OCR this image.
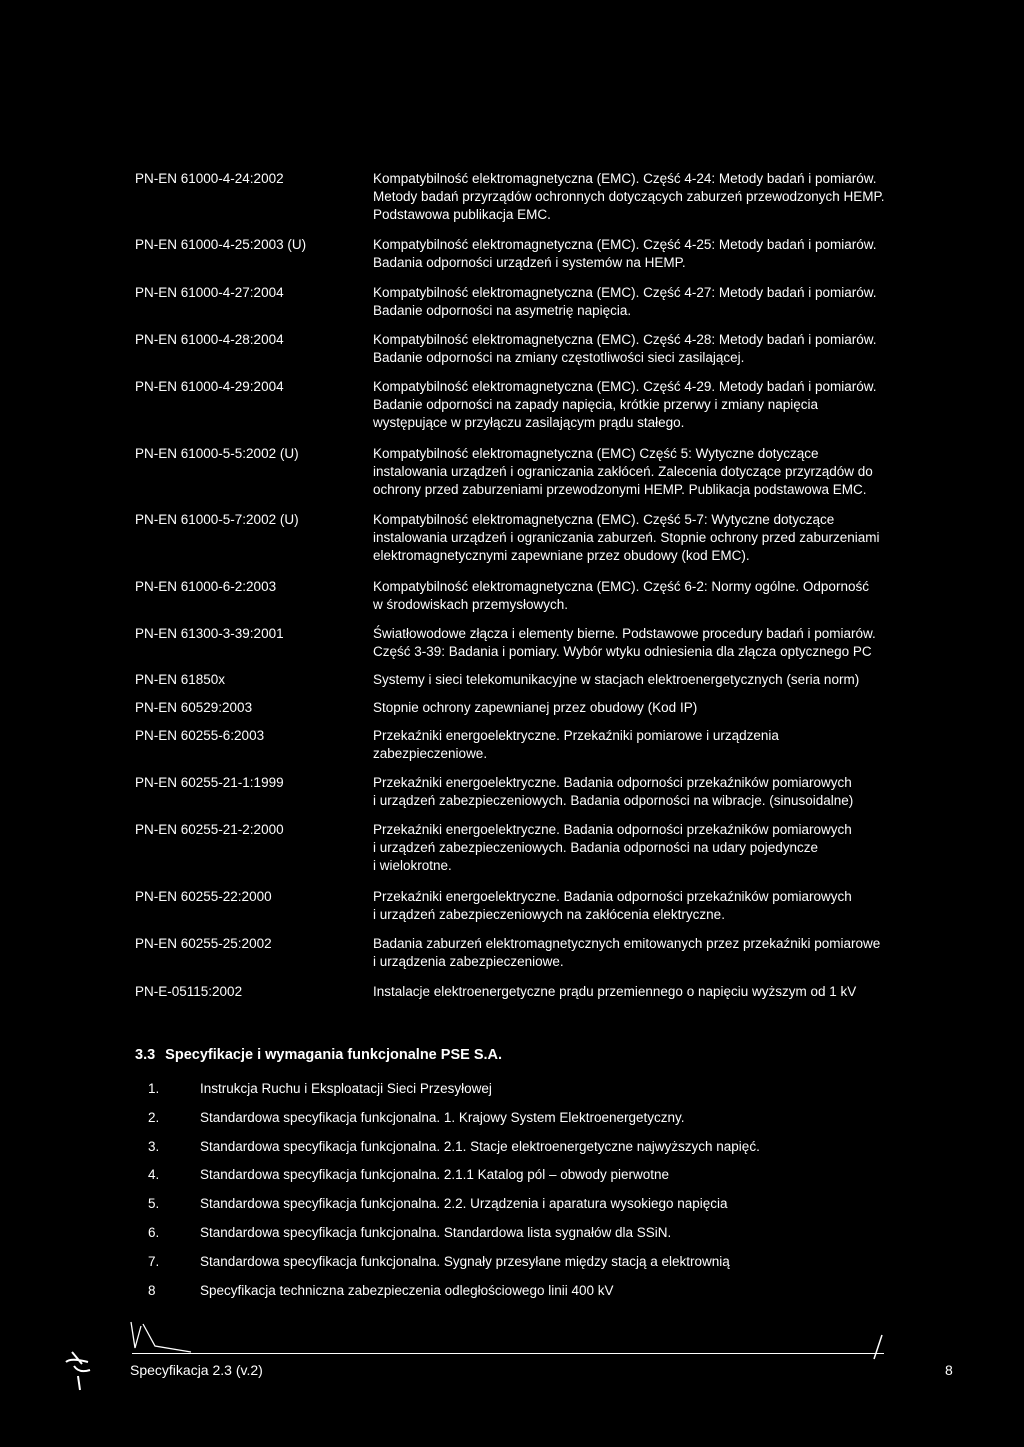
PN-EN 61000-4-24:2002	Kompatybilność elektromagnetyczna (EMC). Część 4-24: Metody badań i pomiarów.
Metody badań przyrządów ochronnych dotyczących zaburzeń przewodzonych HEMP.
Podstawowa publikacja EMC.
PN-EN 61000-4-25:2003 (U)	Kompatybilność elektromagnetyczna (EMC). Część 4-25: Metody badań i pomiarów.
Badania odporności urządzeń i systemów na HEMP.
PN-EN 61000-4-27:2004	Kompatybilność elektromagnetyczna (EMC). Część 4-27: Metody badań i pomiarów.
Badanie odporności na asymetrię napięcia.
PN-EN 61000-4-28:2004	Kompatybilność elektromagnetyczna (EMC). Część 4-28: Metody badań i pomiarów.
Badanie odporności na zmiany częstotliwości sieci zasilającej.
PN-EN 61000-4-29:2004	Kompatybilność elektromagnetyczna (EMC). Część 4-29. Metody badań i pomiarów.
Badanie odporności na zapady napięcia, krótkie przerwy i zmiany napięcia
występujące w przyłączu zasilającym prądu stałego.
PN-EN 61000-5-5:2002 (U)	Kompatybilność elektromagnetyczna (EMC) Część 5: Wytyczne dotyczące
instalowania urządzeń i ograniczania zakłóceń. Zalecenia dotyczące przyrządów do
ochrony przed zaburzeniami przewodzonymi HEMP. Publikacja podstawowa EMC.
PN-EN 61000-5-7:2002 (U)	Kompatybilność elektromagnetyczna (EMC). Część 5-7: Wytyczne dotyczące
instalowania urządzeń i ograniczania zaburzeń. Stopnie ochrony przed zaburzeniami
elektromagnetycznymi zapewniane przez obudowy (kod EMC).
PN-EN 61000-6-2:2003	Kompatybilność elektromagnetyczna (EMC). Część 6-2: Normy ogólne. Odporność
w środowiskach przemysłowych.
PN-EN 61300-3-39:2001	Światłowodowe złącza i elementy bierne. Podstawowe procedury badań i pomiarów.
Część 3-39: Badania i pomiary. Wybór wtyku odniesienia dla złącza optycznego PC
PN-EN 61850x	Systemy i sieci telekomunikacyjne w stacjach elektroenergetycznych (seria norm)
PN-EN 60529:2003	Stopnie ochrony zapewnianej przez obudowy (Kod IP)
PN-EN 60255-6:2003	Przekaźniki energoelektryczne. Przekaźniki pomiarowe i urządzenia
zabezpieczeniowe.
PN-EN 60255-21-1:1999	Przekaźniki energoelektryczne. Badania odporności przekaźników pomiarowych
i urządzeń zabezpieczeniowych. Badania odporności na wibracje. (sinusoidalne)
PN-EN 60255-21-2:2000	Przekaźniki energoelektryczne. Badania odporności przekaźników pomiarowych
i urządzeń zabezpieczeniowych. Badania odporności na udary pojedyncze
i wielokrotne.
PN-EN 60255-22:2000	Przekaźniki energoelektryczne. Badania odporności przekaźników pomiarowych
i urządzeń zabezpieczeniowych na zakłócenia elektryczne.
PN-EN 60255-25:2002	Badania zaburzeń elektromagnetycznych emitowanych przez przekaźniki pomiarowe
i urządzenia zabezpieczeniowe.
PN-E-05115:2002	Instalacje elektroenergetyczne prądu przemiennego o napięciu wyższym od 1 kV
3.3 Specyfikacje i wymagania funkcjonalne PSE S.A.
1.	Instrukcja Ruchu i Eksploatacji Sieci Przesyłowej
2.	Standardowa specyfikacja funkcjonalna. 1. Krajowy System Elektroenergetyczny.
3.	Standardowa specyfikacja funkcjonalna. 2.1. Stacje elektroenergetyczne najwyższych napięć.
4.	Standardowa specyfikacja funkcjonalna. 2.1.1 Katalog pól – obwody pierwotne
5.	Standardowa specyfikacja funkcjonalna. 2.2. Urządzenia i aparatura wysokiego napięcia
6.	Standardowa specyfikacja funkcjonalna. Standardowa lista sygnałów dla SSiN.
7.	Standardowa specyfikacja funkcjonalna. Sygnały przesyłane między stacją a elektrownią
8	Specyfikacja techniczna zabezpieczenia odległościowego linii 400 kV
Specyfikacja 2.3 (v.2)	8
